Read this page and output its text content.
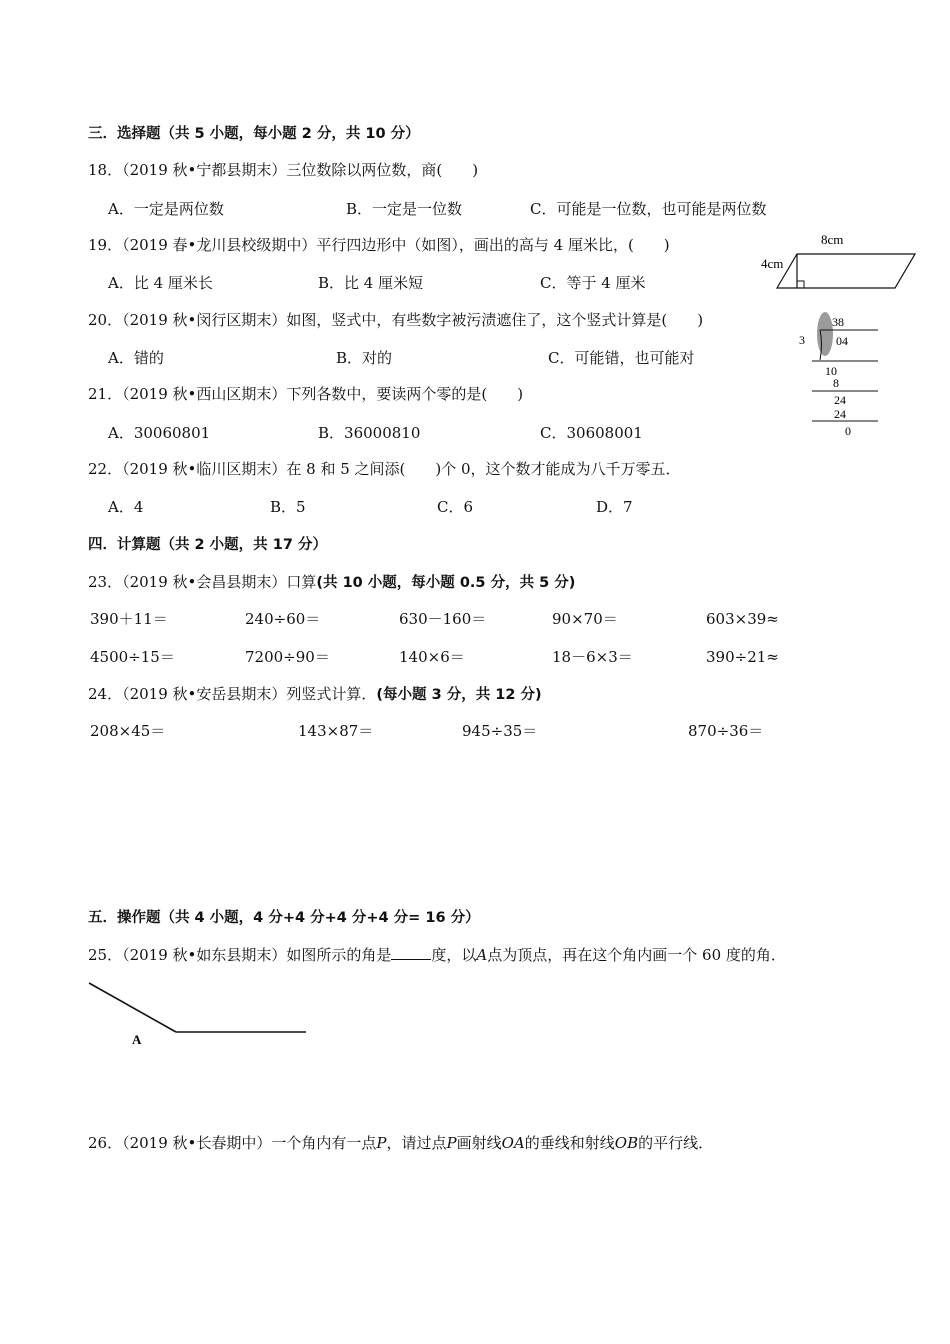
三．选择题（共 5 小题，每小题 2 分，共 10 分）
18．（2019 秋•宁都县期末）三位数除以两位数，商(　　)
A．一定是两位数	B．一定是一位数	C．可能是一位数，也可能是两位数
19．（2019 春•龙川县校级期中）平行四边形中（如图），画出的高与 4 厘米比，(　　)
A．比 4 厘米长	B．比 4 厘米短	C．等于 4 厘米
8cm
4cm
20．（2019 秋•闵行区期末）如图，竖式中，有些数字被污渍遮住了，这个竖式计算是(　　)
A．错的	B．对的	C．可能错，也可能对
38
3	04
10
8
24
24
0
21．（2019 秋•西山区期末）下列各数中，要读两个零的是(　　)
A．30060801	B．36000810	C．30608001
22．（2019 秋•临川区期末）在 8 和 5 之间添(　　)个 0，这个数才能成为八千万零五．
A．4	B．5	C．6	D．7
四．计算题（共 2 小题，共 17 分）
23．（2019 秋•会昌县期末）口算(共 10 小题，每小题 0.5 分，共 5 分)
390＋11＝	240÷60＝	630－160＝	90×70＝	603×39≈
4500÷15＝	7200÷90＝	140×6＝	18－6×3＝	390÷21≈
24．（2019 秋•安岳县期末）列竖式计算．(每小题 3 分，共 12 分)
208×45＝	143×87＝	945÷35＝	870÷36＝
五．操作题（共 4 小题，4 分+4 分+4 分+4 分= 16 分）
25．（2019 秋•如东县期末）如图所示的角是	度，以A点为顶点，再在这个角内画一个 60 度的角．
A
26．（2019 秋•长春期中）一个角内有一点P，请过点P画射线OA的垂线和射线OB的平行线．
